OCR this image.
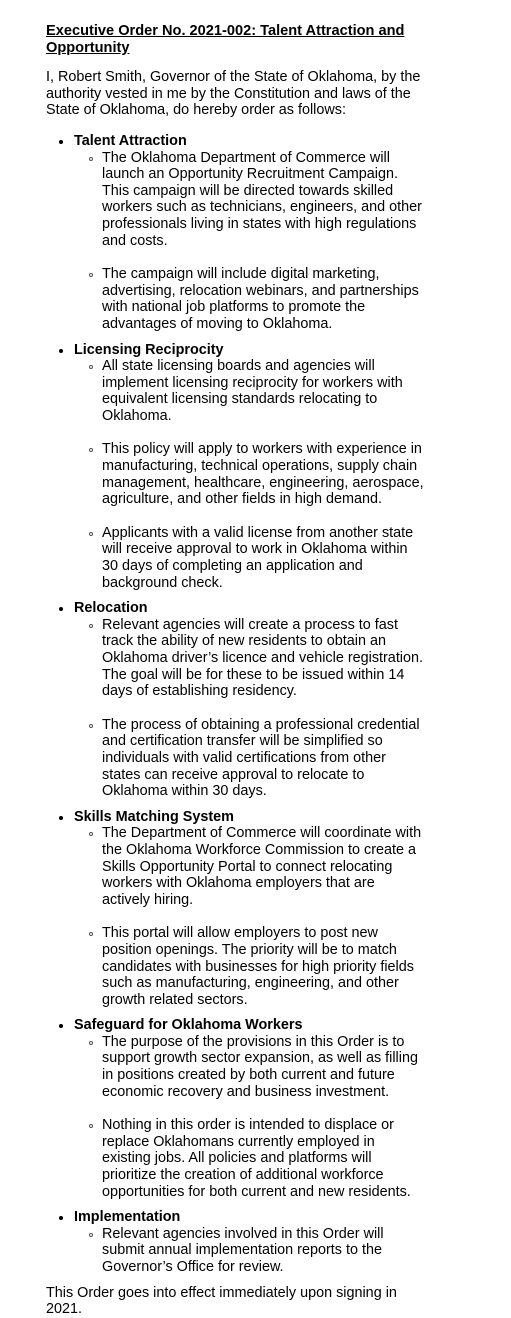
Executive Order No. 2021-002: Talent Attraction and Opportunity

I, Robert Smith, Governor of the State of Oklahoma, by the authority vested in me by the Constitution and laws of the State of Oklahoma, do hereby order as follows:

Talent Attraction
The Oklahoma Department of Commerce will launch an Opportunity Recruitment Campaign. This campaign will be directed towards skilled workers such as technicians, engineers, and other professionals living in states with high regulations and costs.
The campaign will include digital marketing, advertising, relocation webinars, and partnerships with national job platforms to promote the advantages of moving to Oklahoma.
Licensing Reciprocity
All state licensing boards and agencies will implement licensing reciprocity for workers with equivalent licensing standards relocating to Oklahoma.
This policy will apply to workers with experience in manufacturing, technical operations, supply chain management, healthcare, engineering, aerospace, agriculture, and other fields in high demand.
Applicants with a valid license from another state will receive approval to work in Oklahoma within 30 days of completing an application and background check.
Relocation
Relevant agencies will create a process to fast track the ability of new residents to obtain an Oklahoma driver’s licence and vehicle registration. The goal will be for these to be issued within 14 days of establishing residency.
The process of obtaining a professional credential and certification transfer will be simplified so individuals with valid certifications from other states can receive approval to relocate to Oklahoma within 30 days.
Skills Matching System
The Department of Commerce will coordinate with the Oklahoma Workforce Commission to create a Skills Opportunity Portal to connect relocating workers with Oklahoma employers that are actively hiring.
This portal will allow employers to post new position openings. The priority will be to match candidates with businesses for high priority fields such as manufacturing, engineering, and other growth related sectors.
Safeguard for Oklahoma Workers
The purpose of the provisions in this Order is to support growth sector expansion, as well as filling in positions created by both current and future economic recovery and business investment.
Nothing in this order is intended to displace or replace Oklahomans currently employed in existing jobs. All policies and platforms will prioritize the creation of additional workforce opportunities for both current and new residents.
Implementation
Relevant agencies involved in this Order will submit annual implementation reports to the Governor’s Office for review.

This Order goes into effect immediately upon signing in 2021.
